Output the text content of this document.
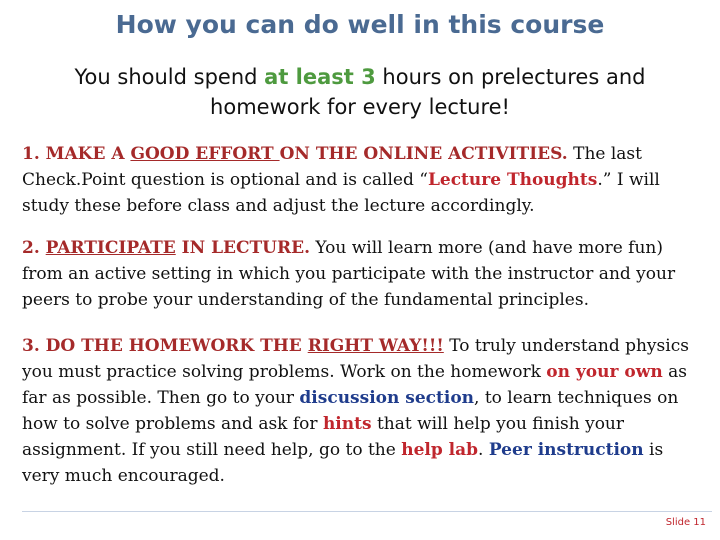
How you can do well in this course
You should spend at least 3 hours on prelectures and homework for every lecture!
1. MAKE A GOOD EFFORT ON THE ONLINE ACTIVITIES. The last Check.Point question is optional and is called “Lecture Thoughts.” I will study these before class and adjust the lecture accordingly.
2. PARTICIPATE IN LECTURE. You will learn more (and have more fun) from an active setting in which you participate with the instructor and your peers to probe your understanding of the fundamental principles.
3. DO THE HOMEWORK THE RIGHT WAY!!! To truly understand physics you must practice solving problems. Work on the homework on your own as far as possible. Then go to your discussion section, to learn techniques on how to solve problems and ask for hints that will help you finish your assignment. If you still need help, go to the help lab. Peer instruction is very much encouraged.
Slide 11
